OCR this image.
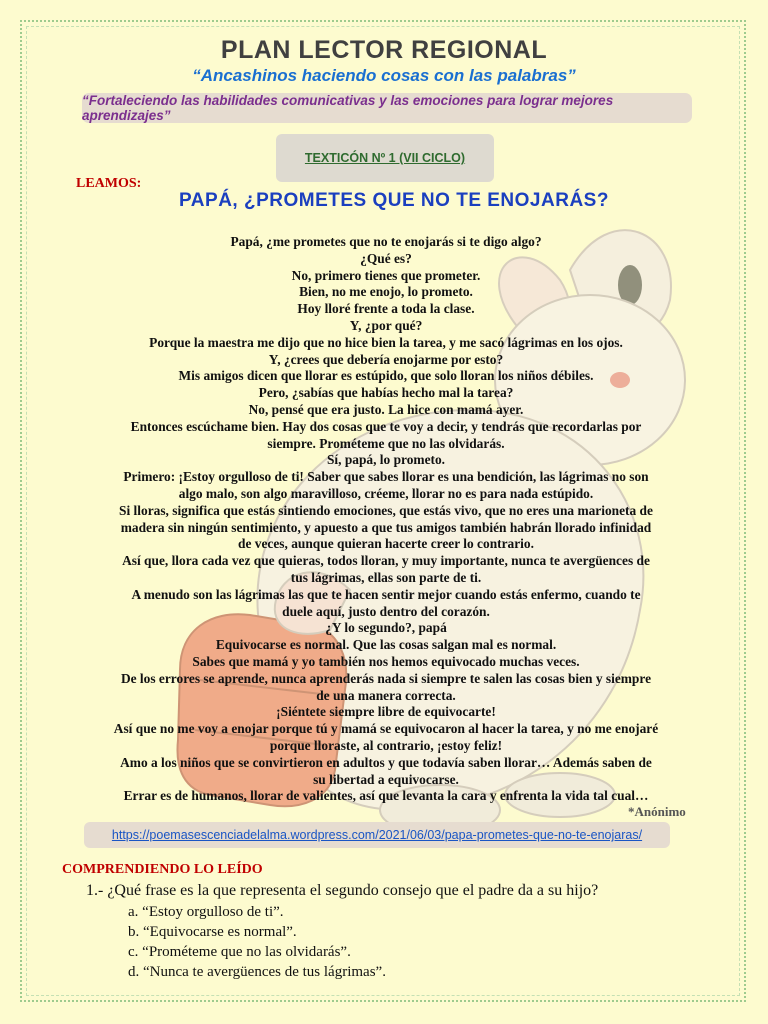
PLAN LECTOR REGIONAL
“Ancashinos haciendo cosas con las palabras”
“Fortaleciendo las habilidades comunicativas y las emociones para lograr mejores aprendizajes”
TEXTICÓN Nº 1 (VII CICLO)
LEAMOS:
PAPÁ, ¿PROMETES QUE NO TE ENOJARÁS?
Papá, ¿me prometes que no te enojarás si te digo algo?
¿Qué es?
No, primero tienes que prometer.
Bien, no me enojo, lo prometo.
Hoy lloré frente a toda la clase.
Y, ¿por qué?
Porque la maestra me dijo que no hice bien la tarea, y me sacó lágrimas en los ojos.
Y, ¿crees que debería enojarme por esto?
Mis amigos dicen que llorar es estúpido, que solo lloran los niños débiles.
Pero, ¿sabías que habías hecho mal la tarea?
No, pensé que era justo. La hice con mamá ayer.
Entonces escúchame bien. Hay dos cosas que te voy a decir, y tendrás que recordarlas por
siempre. Prométeme que no las olvidarás.
Sí, papá, lo prometo.
Primero: ¡Estoy orgulloso de ti! Saber que sabes llorar es una bendición, las lágrimas no son
algo malo, son algo maravilloso, créeme, llorar no es para nada estúpido.
Si lloras, significa que estás sintiendo emociones, que estás vivo, que no eres una marioneta de
madera sin ningún sentimiento, y apuesto a que tus amigos también habrán llorado infinidad
de veces, aunque quieran hacerte creer lo contrario.
Así que, llora cada vez que quieras, todos lloran, y muy importante, nunca te avergüences de
tus lágrimas, ellas son parte de ti.
A menudo son las lágrimas las que te hacen sentir mejor cuando estás enfermo, cuando te
duele aquí, justo dentro del corazón.
¿Y lo segundo?, papá
Equivocarse es normal. Que las cosas salgan mal es normal.
Sabes que mamá y yo también nos hemos equivocado muchas veces.
De los errores se aprende, nunca aprenderás nada si siempre te salen las cosas bien y siempre
de una manera correcta.
¡Siéntete siempre libre de equivocarte!
Así que no me voy a enojar porque tú y mamá se equivocaron al hacer la tarea, y no me enojaré
porque lloraste, al contrario, ¡estoy feliz!
Amo a los niños que se convirtieron en adultos y que todavía saben llorar… Además saben de
su libertad a equivocarse.
Errar es de humanos, llorar de valientes, así que levanta la cara y enfrenta la vida tal cual…
*Anónimo
https://poemasescenciadelalma.wordpress.com/2021/06/03/papa-prometes-que-no-te-enojaras/
COMPRENDIENDO LO LEÍDO
1.- ¿Qué frase es la que representa el segundo consejo que el padre da a su hijo?
a. “Estoy orgulloso de ti”.
b. “Equivocarse es normal”.
c. “Prométeme que no las olvidarás”.
d. “Nunca te avergüences de tus lágrimas”.
